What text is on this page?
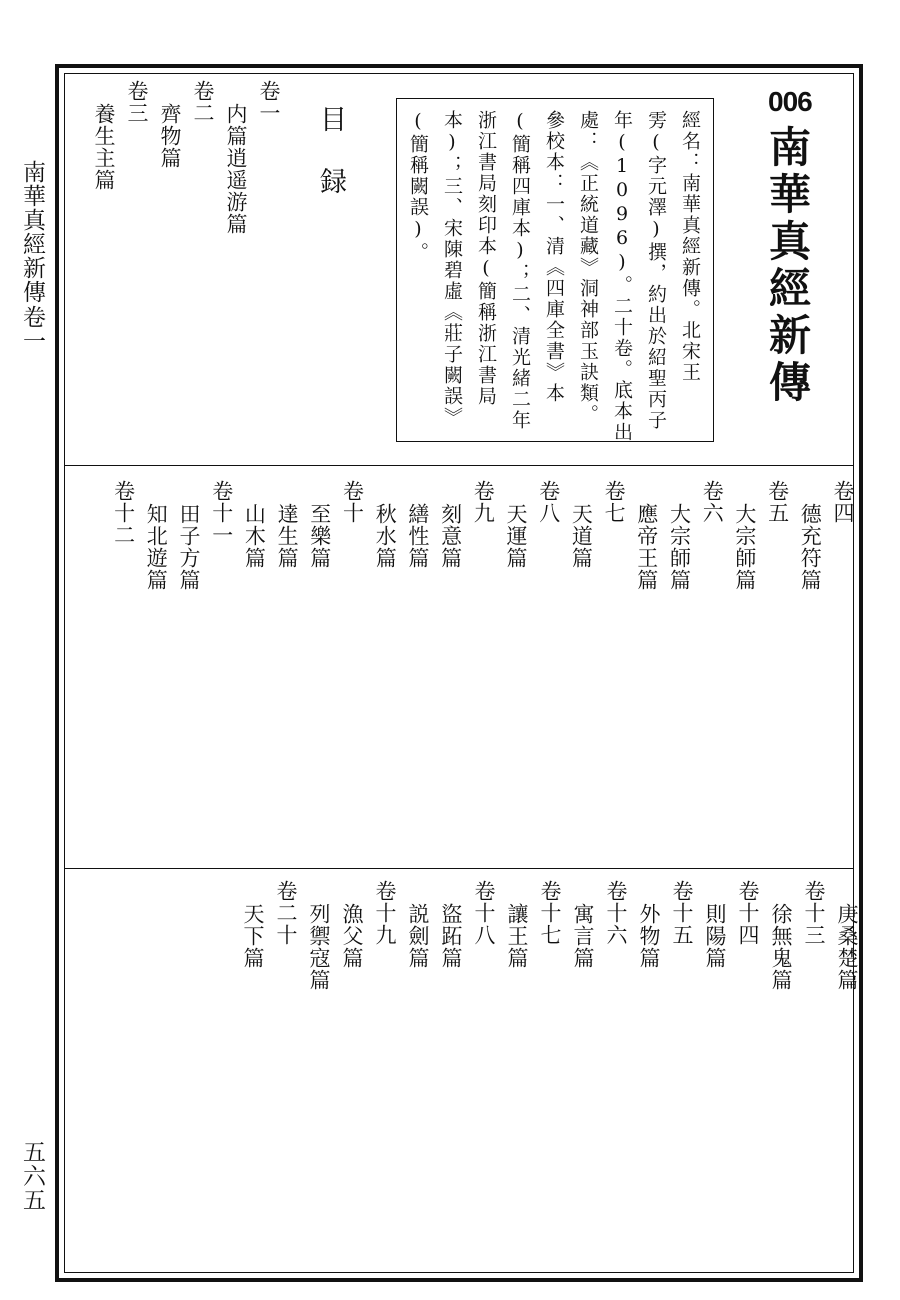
南華真經新傳
卷一
五六五
006
南華真經新傳
經名：南華真經新傳。北宋王
雱(字元澤)撰，約出於紹聖丙子
年(1096)。二十卷。底本出
處：《正統道藏》洞神部玉訣類。
參校本：一、清《四庫全書》本
(簡稱四庫本)；二、清光緒二年
浙江書局刻印本(簡稱浙江書局
本)；三、宋陳碧虛《莊子闕誤》
(簡稱闕誤)。
目　録
卷一
内篇逍遥游篇
卷二
齊物篇
卷三
養生主篇
卷四
德充符篇
卷五
大宗師篇
卷六
大宗師篇
應帝王篇
卷七
天道篇
卷八
天運篇
卷九
刻意篇
繕性篇
秋水篇
卷十
至樂篇
達生篇
山木篇
卷十一
田子方篇
知北遊篇
卷十二
庚桑楚篇
卷十三
徐無鬼篇
卷十四
則陽篇
卷十五
外物篇
卷十六
寓言篇
卷十七
讓王篇
卷十八
盜跖篇
説劍篇
卷十九
漁父篇
列禦寇篇
卷二十
天下篇
